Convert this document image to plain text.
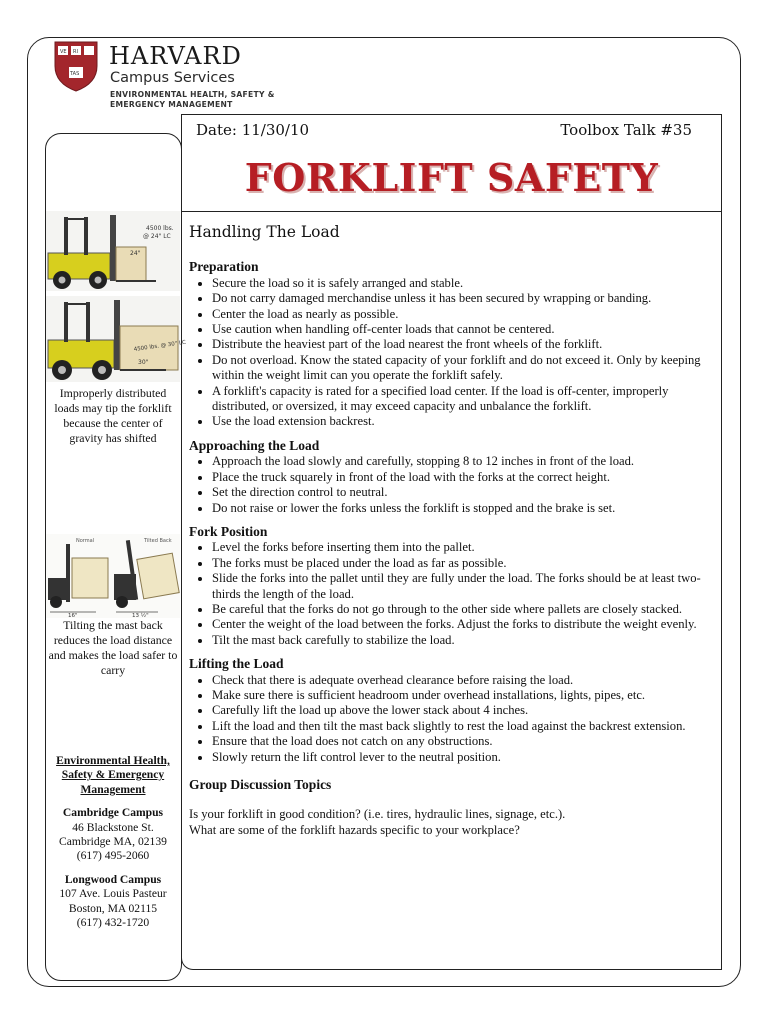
VE RI
TAS
HARVARD
Campus Services
ENVIRONMENTAL HEALTH, SAFETY &
EMERGENCY MANAGEMENT
Date: 11/30/10	Toolbox Talk #35
FORKLIFT SAFETY
4500 lbs.
@ 24" LC
24"
4500 lbs. @ 30" LC
30"
Improperly distributed loads may tip the forklift because the center of gravity has shifted
Normal	Tilted Back
16"	13 ½"
Tilting the mast back reduces the load distance and makes the load safer to carry
Environmental Health, Safety & Emergency Management
Cambridge Campus
46 Blackstone St.
Cambridge MA, 02139
(617) 495-2060
Longwood Campus
107 Ave. Louis Pasteur
Boston, MA 02115
(617) 432-1720
Handling The Load
Preparation
• Secure the load so it is safely arranged and stable.
• Do not carry damaged merchandise unless it has been secured by wrapping or banding.
• Center the load as nearly as possible.
• Use caution when handling off-center loads that cannot be centered.
• Distribute the heaviest part of the load nearest the front wheels of the forklift.
• Do not overload. Know the stated capacity of your forklift and do not exceed it. Only by keeping within the weight limit can you operate the forklift safely.
• A forklift's capacity is rated for a specified load center. If the load is off-center, improperly distributed, or oversized, it may exceed capacity and unbalance the forklift.
• Use the load extension backrest.
Approaching the Load
• Approach the load slowly and carefully, stopping 8 to 12 inches in front of the load.
• Place the truck squarely in front of the load with the forks at the correct height.
• Set the direction control to neutral.
• Do not raise or lower the forks unless the forklift is stopped and the brake is set.
Fork Position
• Level the forks before inserting them into the pallet.
• The forks must be placed under the load as far as possible.
• Slide the forks into the pallet until they are fully under the load. The forks should be at least two-thirds the length of the load.
• Be careful that the forks do not go through to the other side where pallets are closely stacked.
• Center the weight of the load between the forks. Adjust the forks to distribute the weight evenly.
• Tilt the mast back carefully to stabilize the load.
Lifting the Load
• Check that there is adequate overhead clearance before raising the load.
• Make sure there is sufficient headroom under overhead installations, lights, pipes, etc.
• Carefully lift the load up above the lower stack about 4 inches.
• Lift the load and then tilt the mast back slightly to rest the load against the backrest extension.
• Ensure that the load does not catch on any obstructions.
• Slowly return the lift control lever to the neutral position.
Group Discussion Topics

Is your forklift in good condition? (i.e. tires, hydraulic lines, signage, etc.).

What are some of the forklift hazards specific to your workplace?
